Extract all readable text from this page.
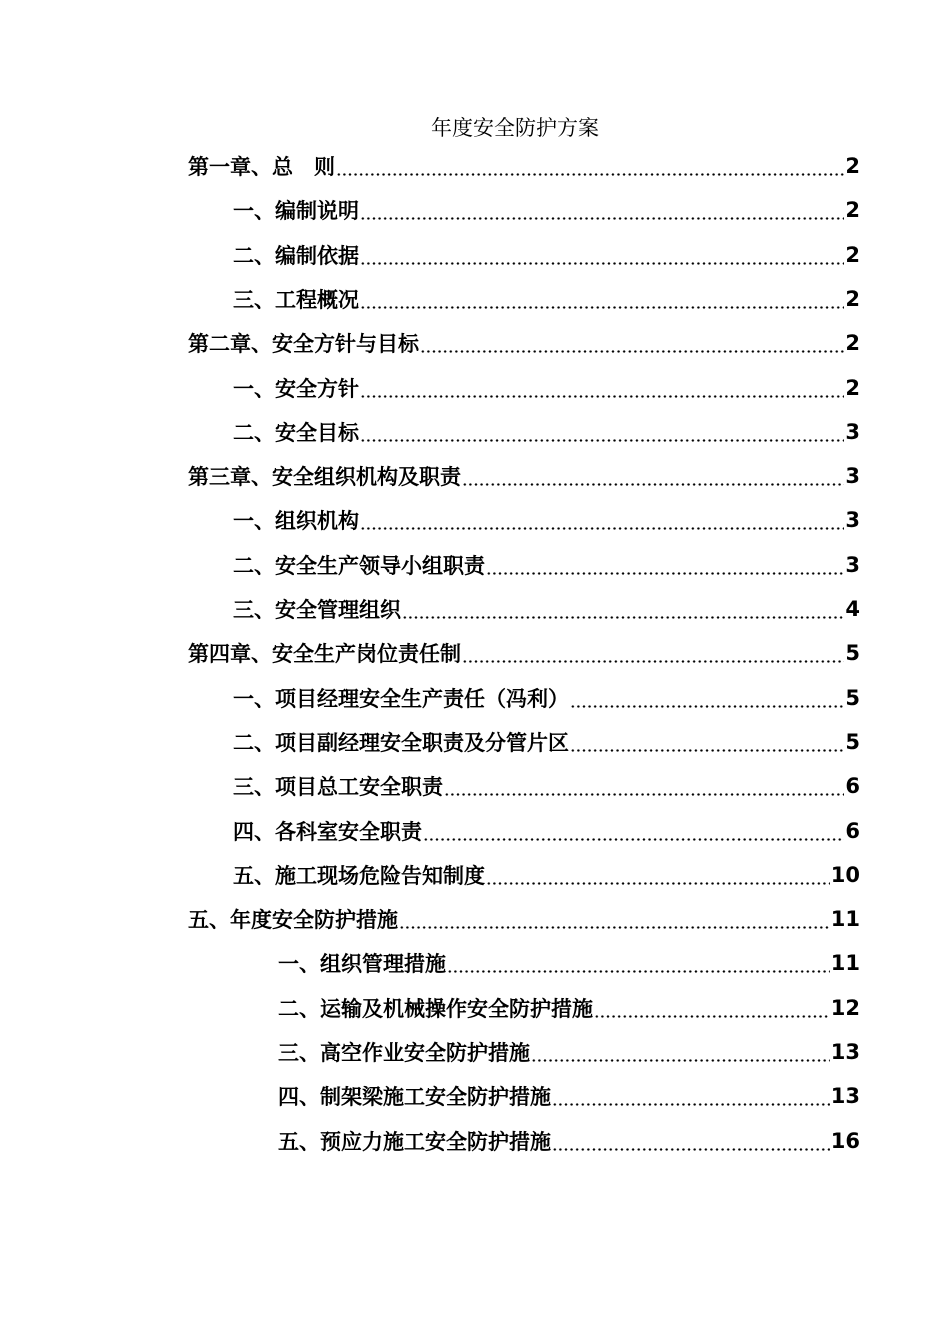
年度安全防护方案
第一章、总　则	2
一、编制说明	2
二、编制依据	2
三、工程概况	2
第二章、安全方针与目标	2
一、安全方针	2
二、安全目标	3
第三章、安全组织机构及职责	3
一、组织机构	3
二、安全生产领导小组职责	3
三、安全管理组织	4
第四章、安全生产岗位责任制	5
一、项目经理安全生产责任（冯利）	5
二、项目副经理安全职责及分管片区	5
三、项目总工安全职责	6
四、各科室安全职责	6
五、施工现场危险告知制度	10
五、年度安全防护措施	11
一、组织管理措施	11
二、运输及机械操作安全防护措施	12
三、高空作业安全防护措施	13
四、制架梁施工安全防护措施	13
五、预应力施工安全防护措施	16
